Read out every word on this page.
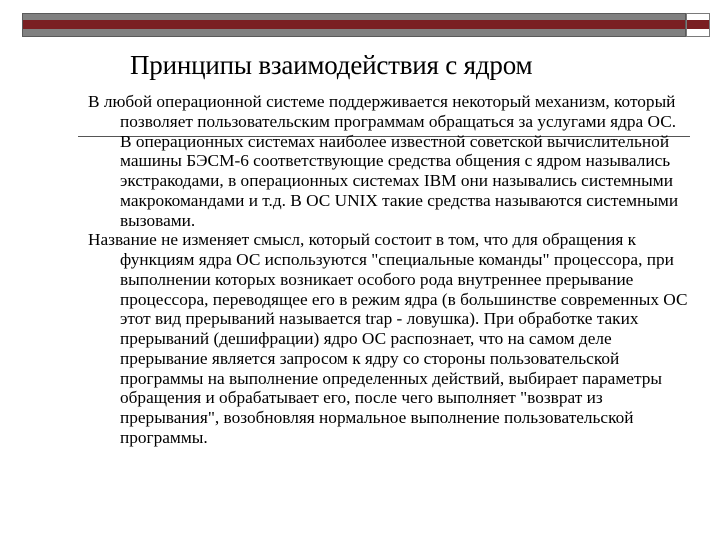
Принципы взаимодействия с ядром

В любой операционной системе поддерживается некоторый механизм, который позволяет пользовательским программам обращаться за услугами ядра ОС. В операционных системах наиболее известной советской вычислительной машины БЭСМ-6 соответствующие средства общения с ядром назывались экстракодами, в операционных системах IBM они назывались системными макрокомандами и т.д. В ОС UNIX такие средства называются системными вызовами.

Название не изменяет смысл, который состоит в том, что для обращения к функциям ядра ОС используются "специальные команды" процессора, при выполнении которых возникает особого рода внутреннее прерывание процессора, переводящее его в режим ядра (в большинстве современных ОС этот вид прерываний называется trap - ловушка). При обработке таких прерываний (дешифрации) ядро ОС распознает, что на самом деле прерывание является запросом к ядру со стороны пользовательской программы на выполнение определенных действий, выбирает параметры обращения и обрабатывает его, после чего выполняет "возврат из прерывания", возобновляя нормальное выполнение пользовательской программы.
